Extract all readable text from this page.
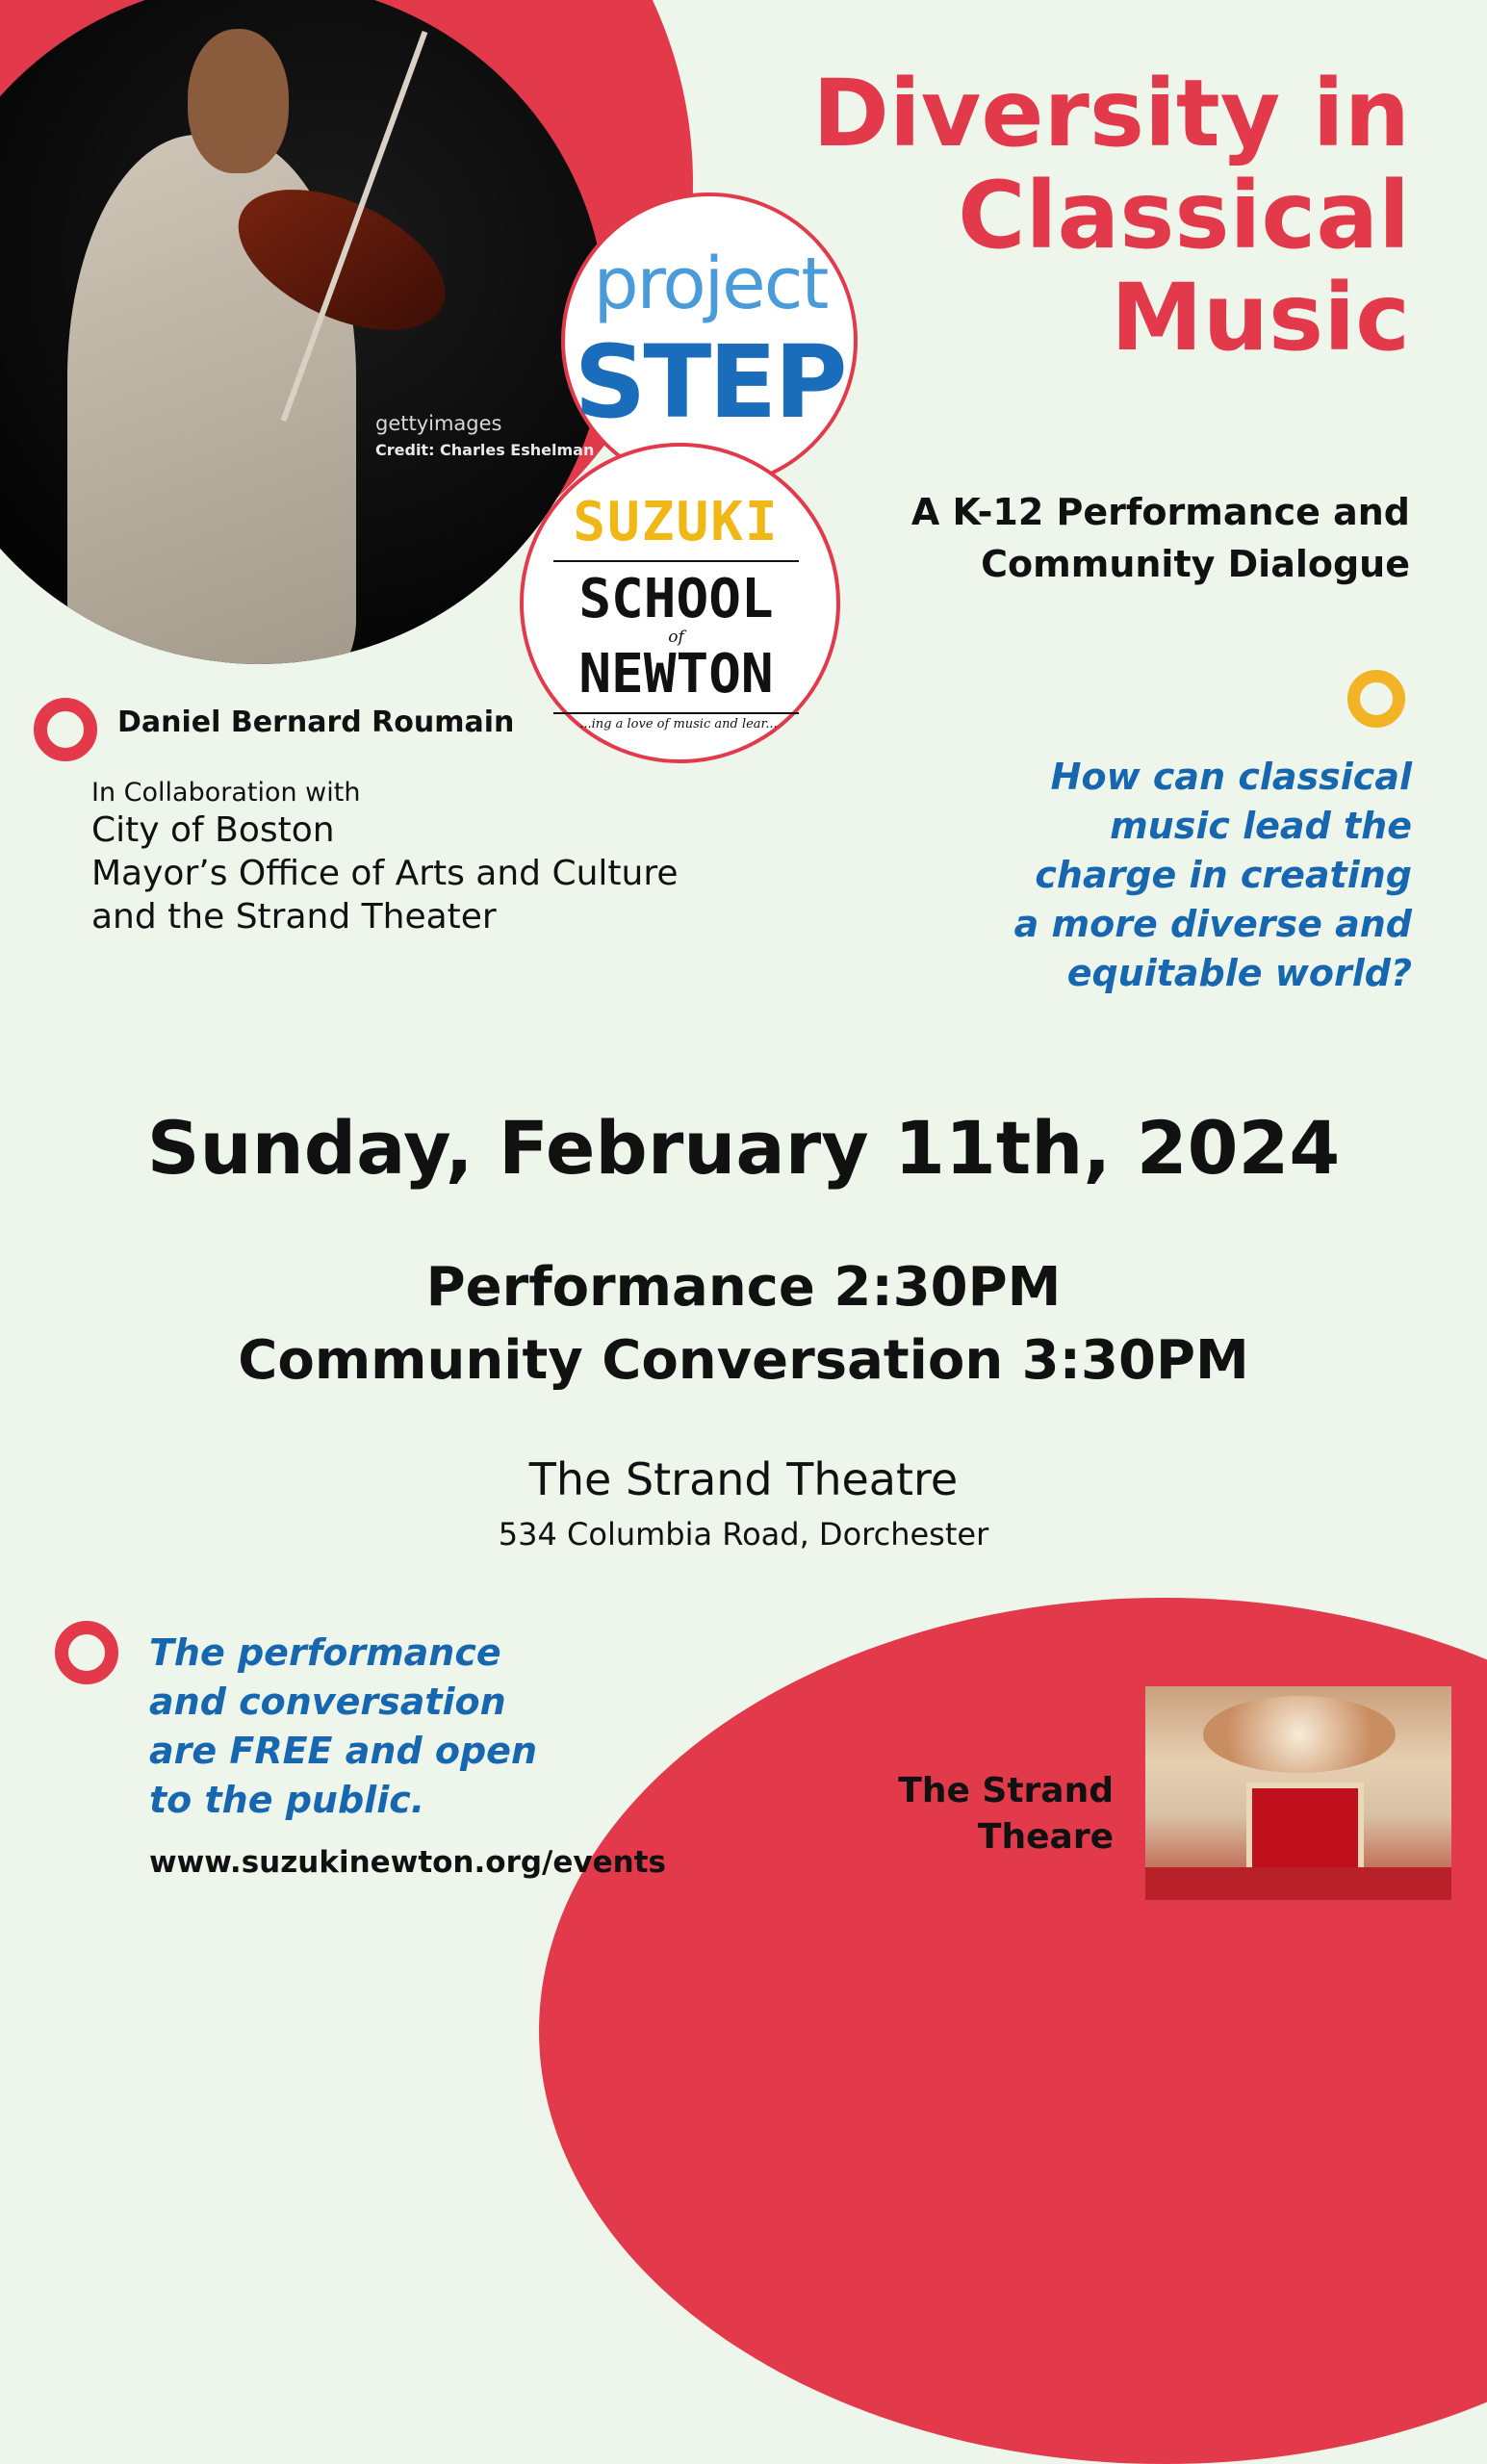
gettyimages
Credit: Charles Eshelman
project
STEP
SUZUKI
SCHOOL
of
NEWTON
...ing a love of music and lear...
Diversity in
Classical
Music
A K-12 Performance and
Community Dialogue
Daniel Bernard Roumain
In Collaboration with
City of Boston
Mayor’s Office of Arts and Culture
and the Strand Theater
How can classical
music lead the
charge in creating
a more diverse and
equitable world?
Sunday, February 11th, 2024
Performance 2:30PM
Community Conversation 3:30PM
The Strand Theatre
534 Columbia Road, Dorchester
The performance
and conversation
are FREE and open
to the public.
www.suzukinewton.org/events
The Strand
Theare
